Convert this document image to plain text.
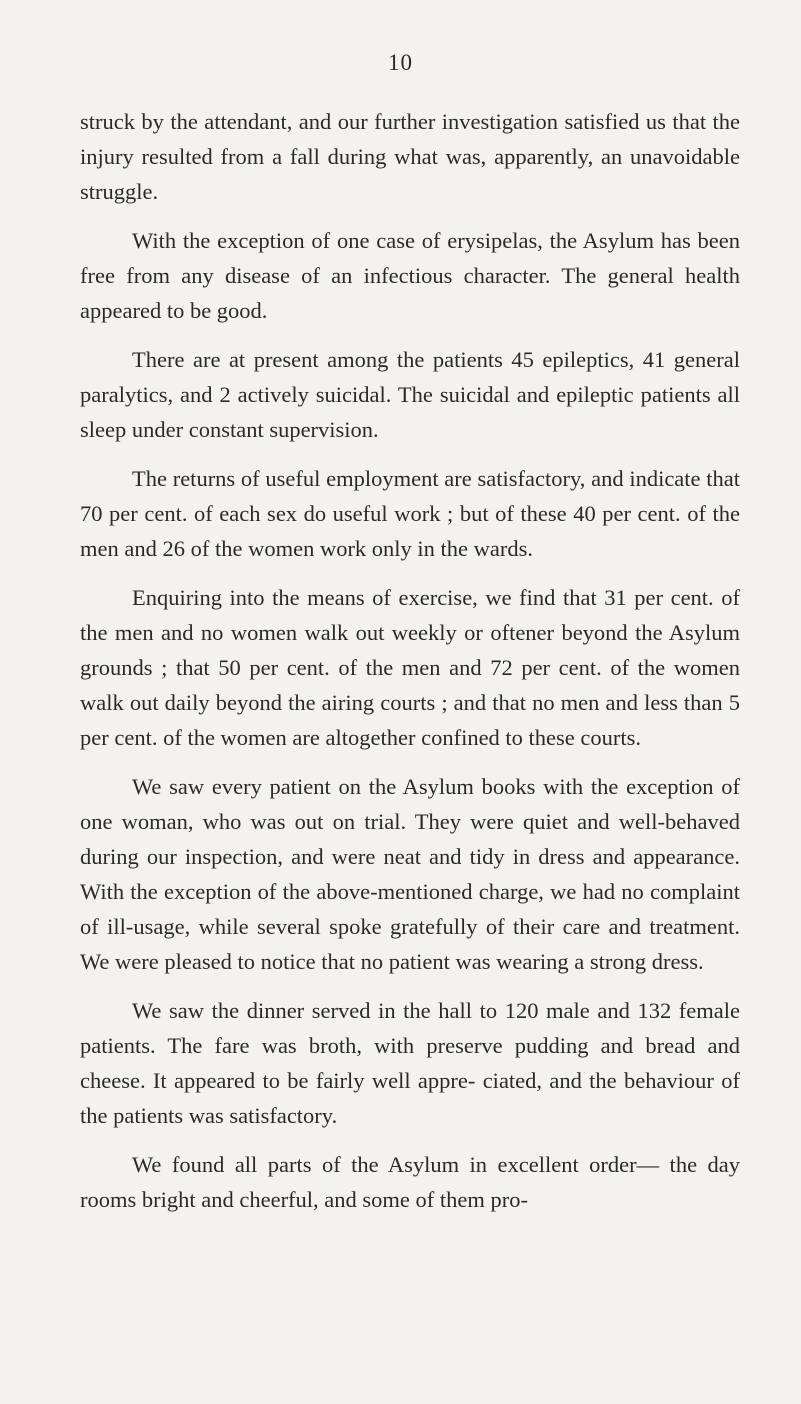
10

struck by the attendant, and our further investigation satisfied us that the injury resulted from a fall during what was, apparently, an unavoidable struggle.

With the exception of one case of erysipelas, the Asylum has been free from any disease of an infectious character. The general health appeared to be good.

There are at present among the patients 45 epileptics, 41 general paralytics, and 2 actively suicidal. The suicidal and epileptic patients all sleep under constant supervision.

The returns of useful employment are satisfactory, and indicate that 70 per cent. of each sex do useful work ; but of these 40 per cent. of the men and 26 of the women work only in the wards.

Enquiring into the means of exercise, we find that 31 per cent. of the men and no women walk out weekly or oftener beyond the Asylum grounds ; that 50 per cent. of the men and 72 per cent. of the women walk out daily beyond the airing courts ; and that no men and less than 5 per cent. of the women are altogether confined to these courts.

We saw every patient on the Asylum books with the exception of one woman, who was out on trial. They were quiet and well-behaved during our inspection, and were neat and tidy in dress and appearance. With the exception of the above-mentioned charge, we had no complaint of ill-usage, while several spoke gratefully of their care and treatment. We were pleased to notice that no patient was wearing a strong dress.

We saw the dinner served in the hall to 120 male and 132 female patients. The fare was broth, with preserve pudding and bread and cheese. It appeared to be fairly well appre- ciated, and the behaviour of the patients was satisfactory.

We found all parts of the Asylum in excellent order— the day rooms bright and cheerful, and some of them pro-
